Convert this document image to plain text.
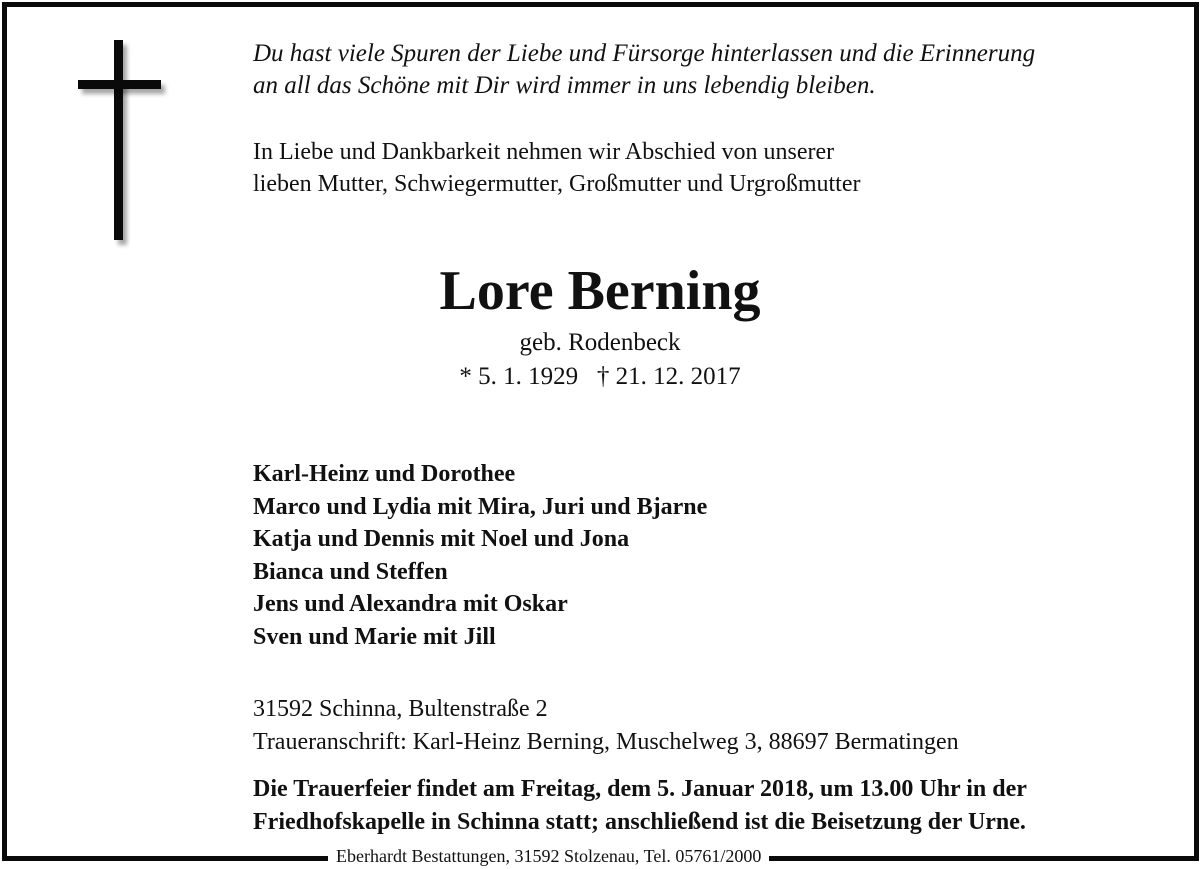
Du hast viele Spuren der Liebe und Fürsorge hinterlassen und die Erinnerung
an all das Schöne mit Dir wird immer in uns lebendig bleiben.
In Liebe und Dankbarkeit nehmen wir Abschied von unserer
lieben Mutter, Schwiegermutter, Großmutter und Urgroßmutter
Lore Berning
geb. Rodenbeck
* 5. 1. 1929   † 21. 12. 2017
Karl-Heinz und Dorothee
Marco und Lydia mit Mira, Juri und Bjarne
Katja und Dennis mit Noel und Jona
Bianca und Steffen
Jens und Alexandra mit Oskar
Sven und Marie mit Jill
31592 Schinna, Bultenstraße 2
Traueranschrift: Karl-Heinz Berning, Muschelweg 3, 88697 Bermatingen
Die Trauerfeier findet am Freitag, dem 5. Januar 2018, um 13.00 Uhr in der
Friedhofskapelle in Schinna statt; anschließend ist die Beisetzung der Urne.
Eberhardt Bestattungen, 31592 Stolzenau, Tel. 05761/2000
